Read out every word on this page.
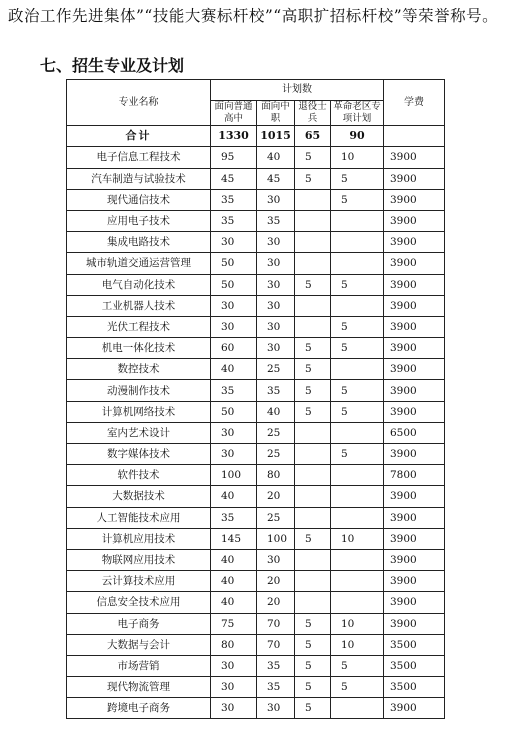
政治工作先进集体”“技能大赛标杆校”“高职扩招标杆校”等荣誉称号。

七、招生专业及计划
专业名称	计划数				学费
	面向普通高中	面向中职	退役士兵	革命老区专项计划	
合计	1330	1015	65	90	
电子信息工程技术	95	40	5	10	3900
汽车制造与试验技术	45	45	5	5	3900
现代通信技术	35	30		5	3900
应用电子技术	35	35			3900
集成电路技术	30	30			3900
城市轨道交通运营管理	50	30			3900
电气自动化技术	50	30	5	5	3900
工业机器人技术	30	30			3900
光伏工程技术	30	30		5	3900
机电一体化技术	60	30	5	5	3900
数控技术	40	25	5		3900
动漫制作技术	35	35	5	5	3900
计算机网络技术	50	40	5	5	3900
室内艺术设计	30	25			6500
数字媒体技术	30	25		5	3900
软件技术	100	80			7800
大数据技术	40	20			3900
人工智能技术应用	35	25			3900
计算机应用技术	145	100	5	10	3900
物联网应用技术	40	30			3900
云计算技术应用	40	20			3900
信息安全技术应用	40	20			3900
电子商务	75	70	5	10	3900
大数据与会计	80	70	5	10	3500
市场营销	30	35	5	5	3500
现代物流管理	30	35	5	5	3500
跨境电子商务	30	30	5		3900
